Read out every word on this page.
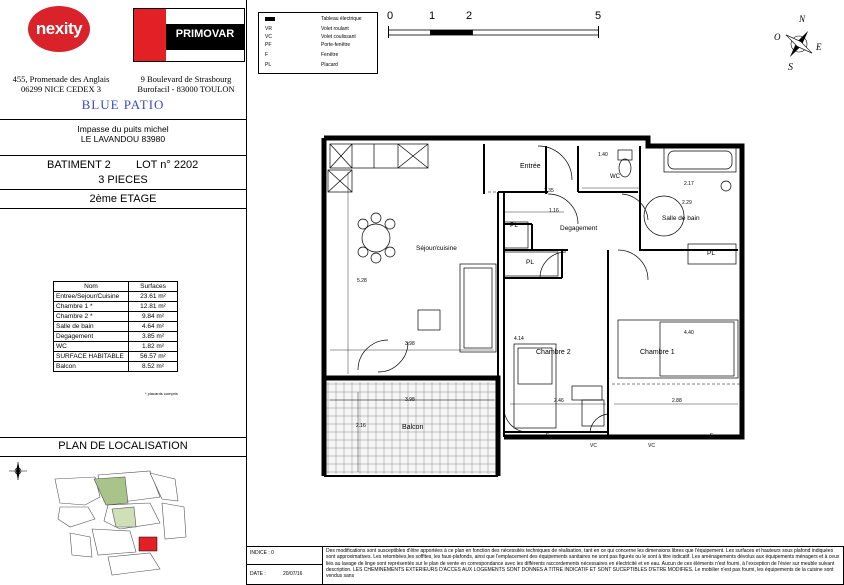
nexity	PRIMOVAR
455, Promenade des Anglais
06299 NICE CEDEX 3
9 Boulevard de Strasbourg
Burofacil - 83000 TOULON
BLUE PATIO
Impasse du puits michel
LE LAVANDOU 83980
BATIMENT 2 LOT n° 2202
3 PIECES
2ème ETAGE
Nom	Surfaces
Entree/Sejour/Cuisine	23.61 m²
Chambre 1 *	12.81 m²
Chambre 2 *	9.84 m²
Salle de bain	4.64 m²
Degagement	3.85 m²
WC	1.82 m²
SURFACE HABITABLE	56.57 m²
Balcon	8.52 m²
* placards compris
PLAN DE LOCALISATION
Tableau électrique
VR	Volet roulant
VC	Volet coulissant
PF	Porte-fenêtre
F	Fenêtre
PL	Placard
0	1	2	5	N
E
O
S
Entrée
WC
Salle de bain
Degagement
Séjour/cuisine
Chambre 1
Chambre 2
Balcon
PL
PL
PL
1.40
2.17
2.29
1.16
2.35
5.28
3.98
3.98	2.46	2.88
4.14
4.40
2.16
PF
F	F
VC	VC
INDICE : 0
DATE :	20/07/16
Des modifications sont susceptibles d'être apportées à ce plan en fonction des nécessités techniques de réalisation, tant en ce qui concerne les dimensions libres que l'équipement. Les surfaces et hauteurs sous plafond indiquées sont approximatives. Les retombées,les soffites, les faux-plafonds, ainsi que l'emplacement des équipements sanitaires ne sont pas figurés ou le sont à titre indicatif. Les aménagements dévolus aux équipements ménagers et à ceux liés au lavage de linge sont représentés sur le plan de vente en correspondance avec les différents raccordements nécessaires en électricité et en eau. Aucun de ces éléments n'est fourni, à l'exception de l'évier sur meuble suivant description. LES CHEMINEMENTS EXTERIEURS D'ACCES AUX LOGEMENTS SONT DONNES A TITRE INDICATIF ET SONT SUCEPTIBLES D'ETRE MODIFIES. Le mobilier n'est pas fourni, les équipements de la cuisine sont vendus sans
